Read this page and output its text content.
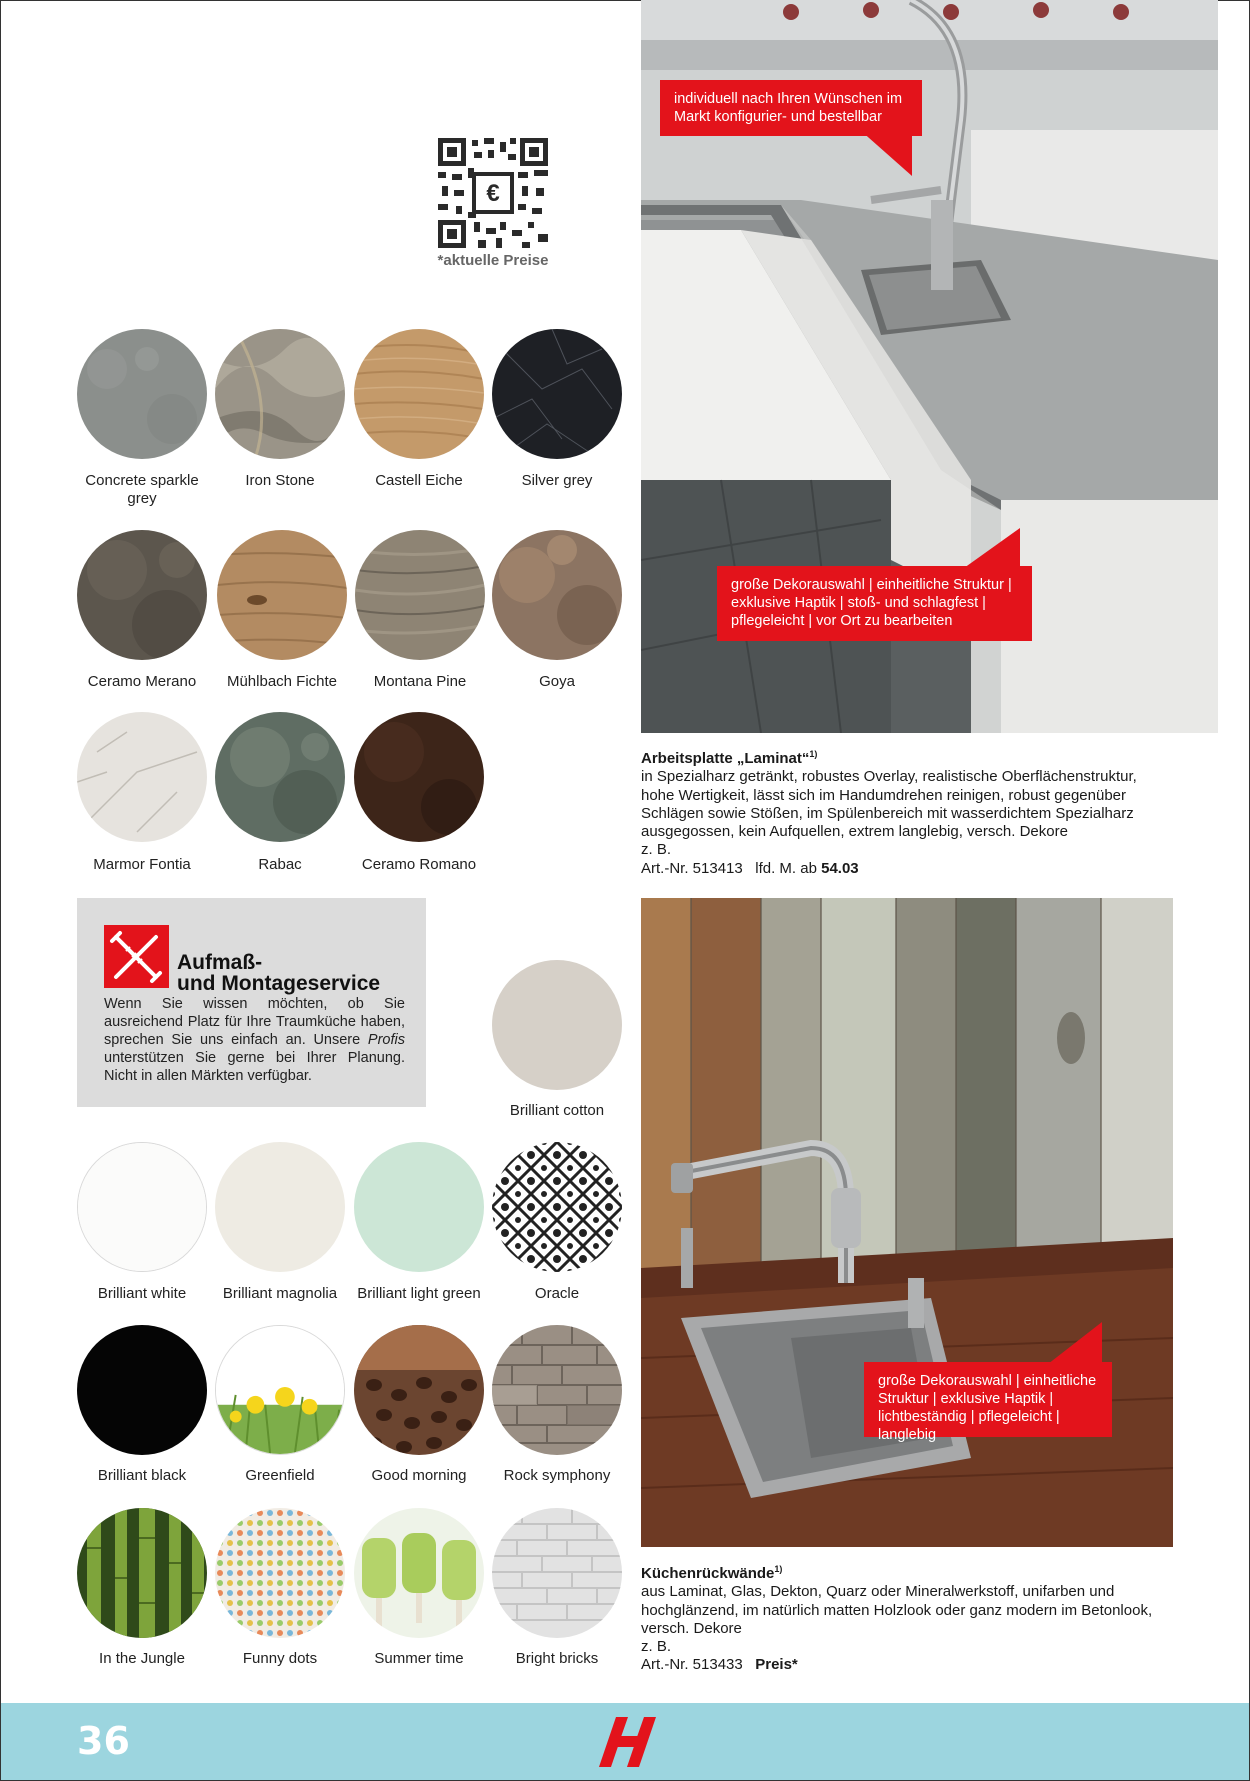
€
*aktuelle Preise
Concrete sparkle grey
Iron Stone	Castell Eiche	Silver grey
Ceramo Merano	Mühlbach Fichte	Montana Pine	Goya
Marmor Fontia	Rabac	Ceramo Romano
Aufmaß-
und Montageservice
Wenn Sie wissen möchten, ob Sie ausreichend Platz für Ihre Traumküche haben, sprechen Sie uns einfach an. Unsere Profis unterstützen Sie gerne bei Ihrer Planung. Nicht in allen Märkten verfügbar.
Brilliant cotton
Brilliant white	Brilliant magnolia	Brilliant light green	Oracle
Brilliant black	Greenfield	Good morning	Rock symphony
In the Jungle	Funny dots	Summer time	Bright bricks
individuell nach Ihren Wünschen im Markt konfigurier- und bestellbar
große Dekorauswahl | einheitliche Struktur | exklusive Haptik | stoß- und schlagfest | pflegeleicht | vor Ort zu bearbeiten
große Dekorauswahl | einheitliche Struktur | exklusive Haptik | lichtbeständig | pflegeleicht | langlebig
Arbeitsplatte „Laminat“$^{1)}$
in Spezialharz getränkt, robustes Overlay, realistische Oberflächenstruktur, hohe Wertigkeit, lässt sich im Handumdrehen reinigen, robust gegenüber Schlägen sowie Stößen, im Spülenbereich mit wasserdichtem Spezialharz ausgegossen, kein Aufquellen, extrem langlebig, versch. Dekore
z. B.
Art.-Nr. 513413 lfd. M. ab 54.03
Küchenrückwände$^{1)}$
aus Laminat, Glas, Dekton, Quarz oder Mineralwerkstoff, unifarben und hochglänzend, im natürlich matten Holzlook oder ganz modern im Betonlook, versch. Dekore
z. B.
Art.-Nr. 513433 Preis*
36
